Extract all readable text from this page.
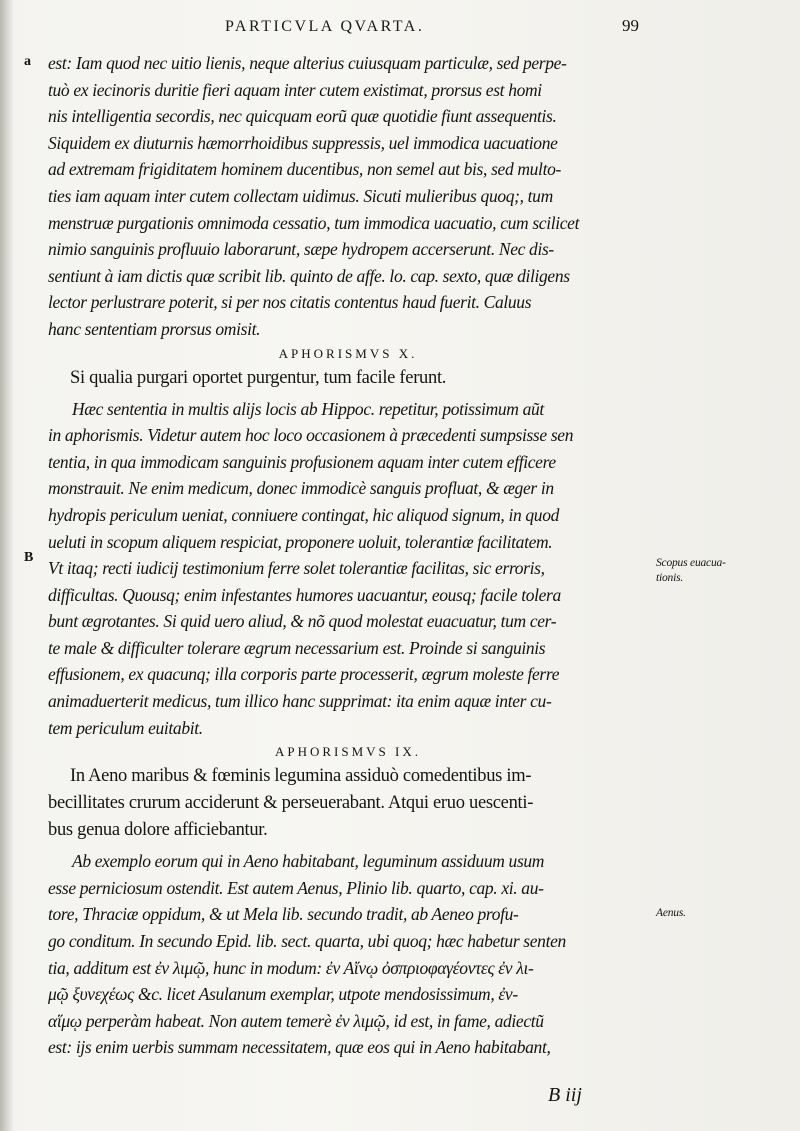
PARTICVLA QVARTA.	99
a
B
est: Iam quod nec uitio lienis, neque alterius cuiusquam particulæ, sed perpe-
tuò ex iecinoris duritie fieri aquam inter cutem existimat, prorsus est homi
nis intelligentia secordis, nec quicquam eorũ quæ quotidie fiunt assequentis.
Siquidem ex diuturnis hæmorrhoidibus suppressis, uel immodica uacuatione
ad extremam frigiditatem hominem ducentibus, non semel aut bis, sed multo-
ties iam aquam inter cutem collectam uidimus. Sicuti mulieribus quoq;, tum
menstruæ purgationis omnimoda cessatio, tum immodica uacuatio, cum scilicet
nimio sanguinis profluuio laborarunt, sæpe hydropem accerserunt. Nec dis-
sentiunt à iam dictis quæ scribit lib. quinto de affe. lo. cap. sexto, quæ diligens
lector perlustrare poterit, si per nos citatis contentus haud fuerit. Caluus
hanc sententiam prorsus omisit.
APHORISMVS X.
Si qualia purgari oportet purgentur, tum facile ferunt.
Hæc sententia in multis alijs locis ab Hippoc. repetitur, potissimum aũt
in aphorismis. Videtur autem hoc loco occasionem à præcedenti sumpsisse sen
tentia, in qua immodicam sanguinis profusionem aquam inter cutem efficere
monstrauit. Ne enim medicum, donec immodicè sanguis profluat, & æger in
hydropis periculum ueniat, conniuere contingat, hic aliquod signum, in quod
ueluti in scopum aliquem respiciat, proponere uoluit, tolerantiæ facilitatem.
Vt itaq; recti iudicij testimonium ferre solet tolerantiæ facilitas, sic erroris,
difficultas. Quousq; enim infestantes humores uacuantur, eousq; facile tolera
bunt ægrotantes. Si quid uero aliud, & nõ quod molestat euacuatur, tum cer-
te male & difficulter tolerare ægrum necessarium est. Proinde si sanguinis
effusionem, ex quacunq; illa corporis parte processerit, ægrum moleste ferre
animaduerterit medicus, tum illico hanc supprimat: ita enim aquæ inter cu-
tem periculum euitabit.
APHORISMVS IX.
In Aeno maribus & fœminis legumina assiduò comedentibus im-
becillitates crurum acciderunt & perseuerabant. Atqui eruo uescenti-
bus genua dolore afficiebantur.
Ab exemplo eorum qui in Aeno habitabant, leguminum assiduum usum
esse perniciosum ostendit. Est autem Aenus, Plinio lib. quarto, cap. xi. au-
tore, Thraciæ oppidum, & ut Mela lib. secundo tradit, ab Aeneo profu-
go conditum. In secundo Epid. lib. sect. quarta, ubi quoq; hæc habetur senten
tia, additum est ἐν λιμῷ, hunc in modum: ἐν Αἴνῳ ὀσπριοφαγέοντες ἐν λι-
μῷ ξυνεχέως &c. licet Asulanum exemplar, utpote mendosissimum, ἐν-
αἵμῳ perperàm habeat. Non autem temerè ἐν λιμῷ, id est, in fame, adiectũ
est: ijs enim uerbis summam necessitatem, quæ eos qui in Aeno habitabant,
Scopus euacua-
tionis.
Aenus.
B iij
